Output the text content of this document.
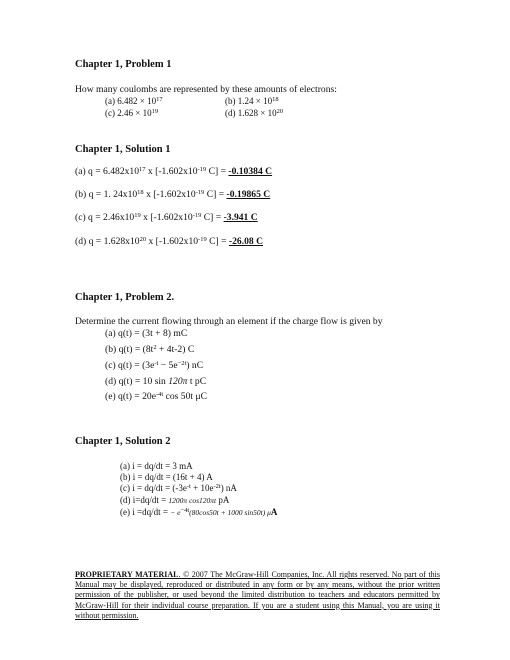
Chapter 1, Problem 1
How many coulombs are represented by these amounts of electrons:
(a) $6.482 \times 10^{17}$	(b) $1.24 \times 10^{18}$
(c) $2.46 \times 10^{19}$	(d) $1.628 \times 10^{20}$
Chapter 1, Solution 1
(a) $q = 6.482x10^{17}$ x [$-1.602x10^{-19}$ C] = -0.10384 C
(b) q = 1. $24x10^{18}$ x [$-1.602x10^{-19}$ C] = -0.19865 C
(c) $q = 2.46x10^{19}$ x [$-1.602x10^{-19}$ C] = -3.941 C
(d) $q = 1.628x10^{20}$ x [$-1.602x10^{-19}$ C] = -26.08 C
Chapter 1, Problem 2.
Determine the current flowing through an element if the charge flow is given by
(a) q(t) = (3t + 8) mC
(b) $q(t) = (8t^2 + 4t-2)$ C
(c) $q(t) = (3e^{-t} - 5e^{-2t})$ nC
(d) q(t) = 10 sin 120π t pC
(e) $q(t) = 20e^{-4t}$ cos 50t μC
Chapter 1, Solution 2
(a) i = dq/dt = 3 mA
(b) i = dq/dt = (16t + 4) A
(c) $i = dq/dt = (-3e^{-t} + 10e^{-2t})$ nA
(d) i=dq/dt = 1200π cos120πt pA
(e) i =dq/dt = − $e^{-4t}(80\cos 50t + 1000$ sin50t) μA
PROPRIETARY MATERIAL. © 2007 The McGraw-Hill Companies, Inc. All rights reserved. No part of this Manual may be displayed, reproduced or distributed in any form or by any means, without the prior written permission of the publisher, or used beyond the limited distribution to teachers and educators permitted by McGraw-Hill for their individual course preparation. If you are a student using this Manual, you are using it without permission.
